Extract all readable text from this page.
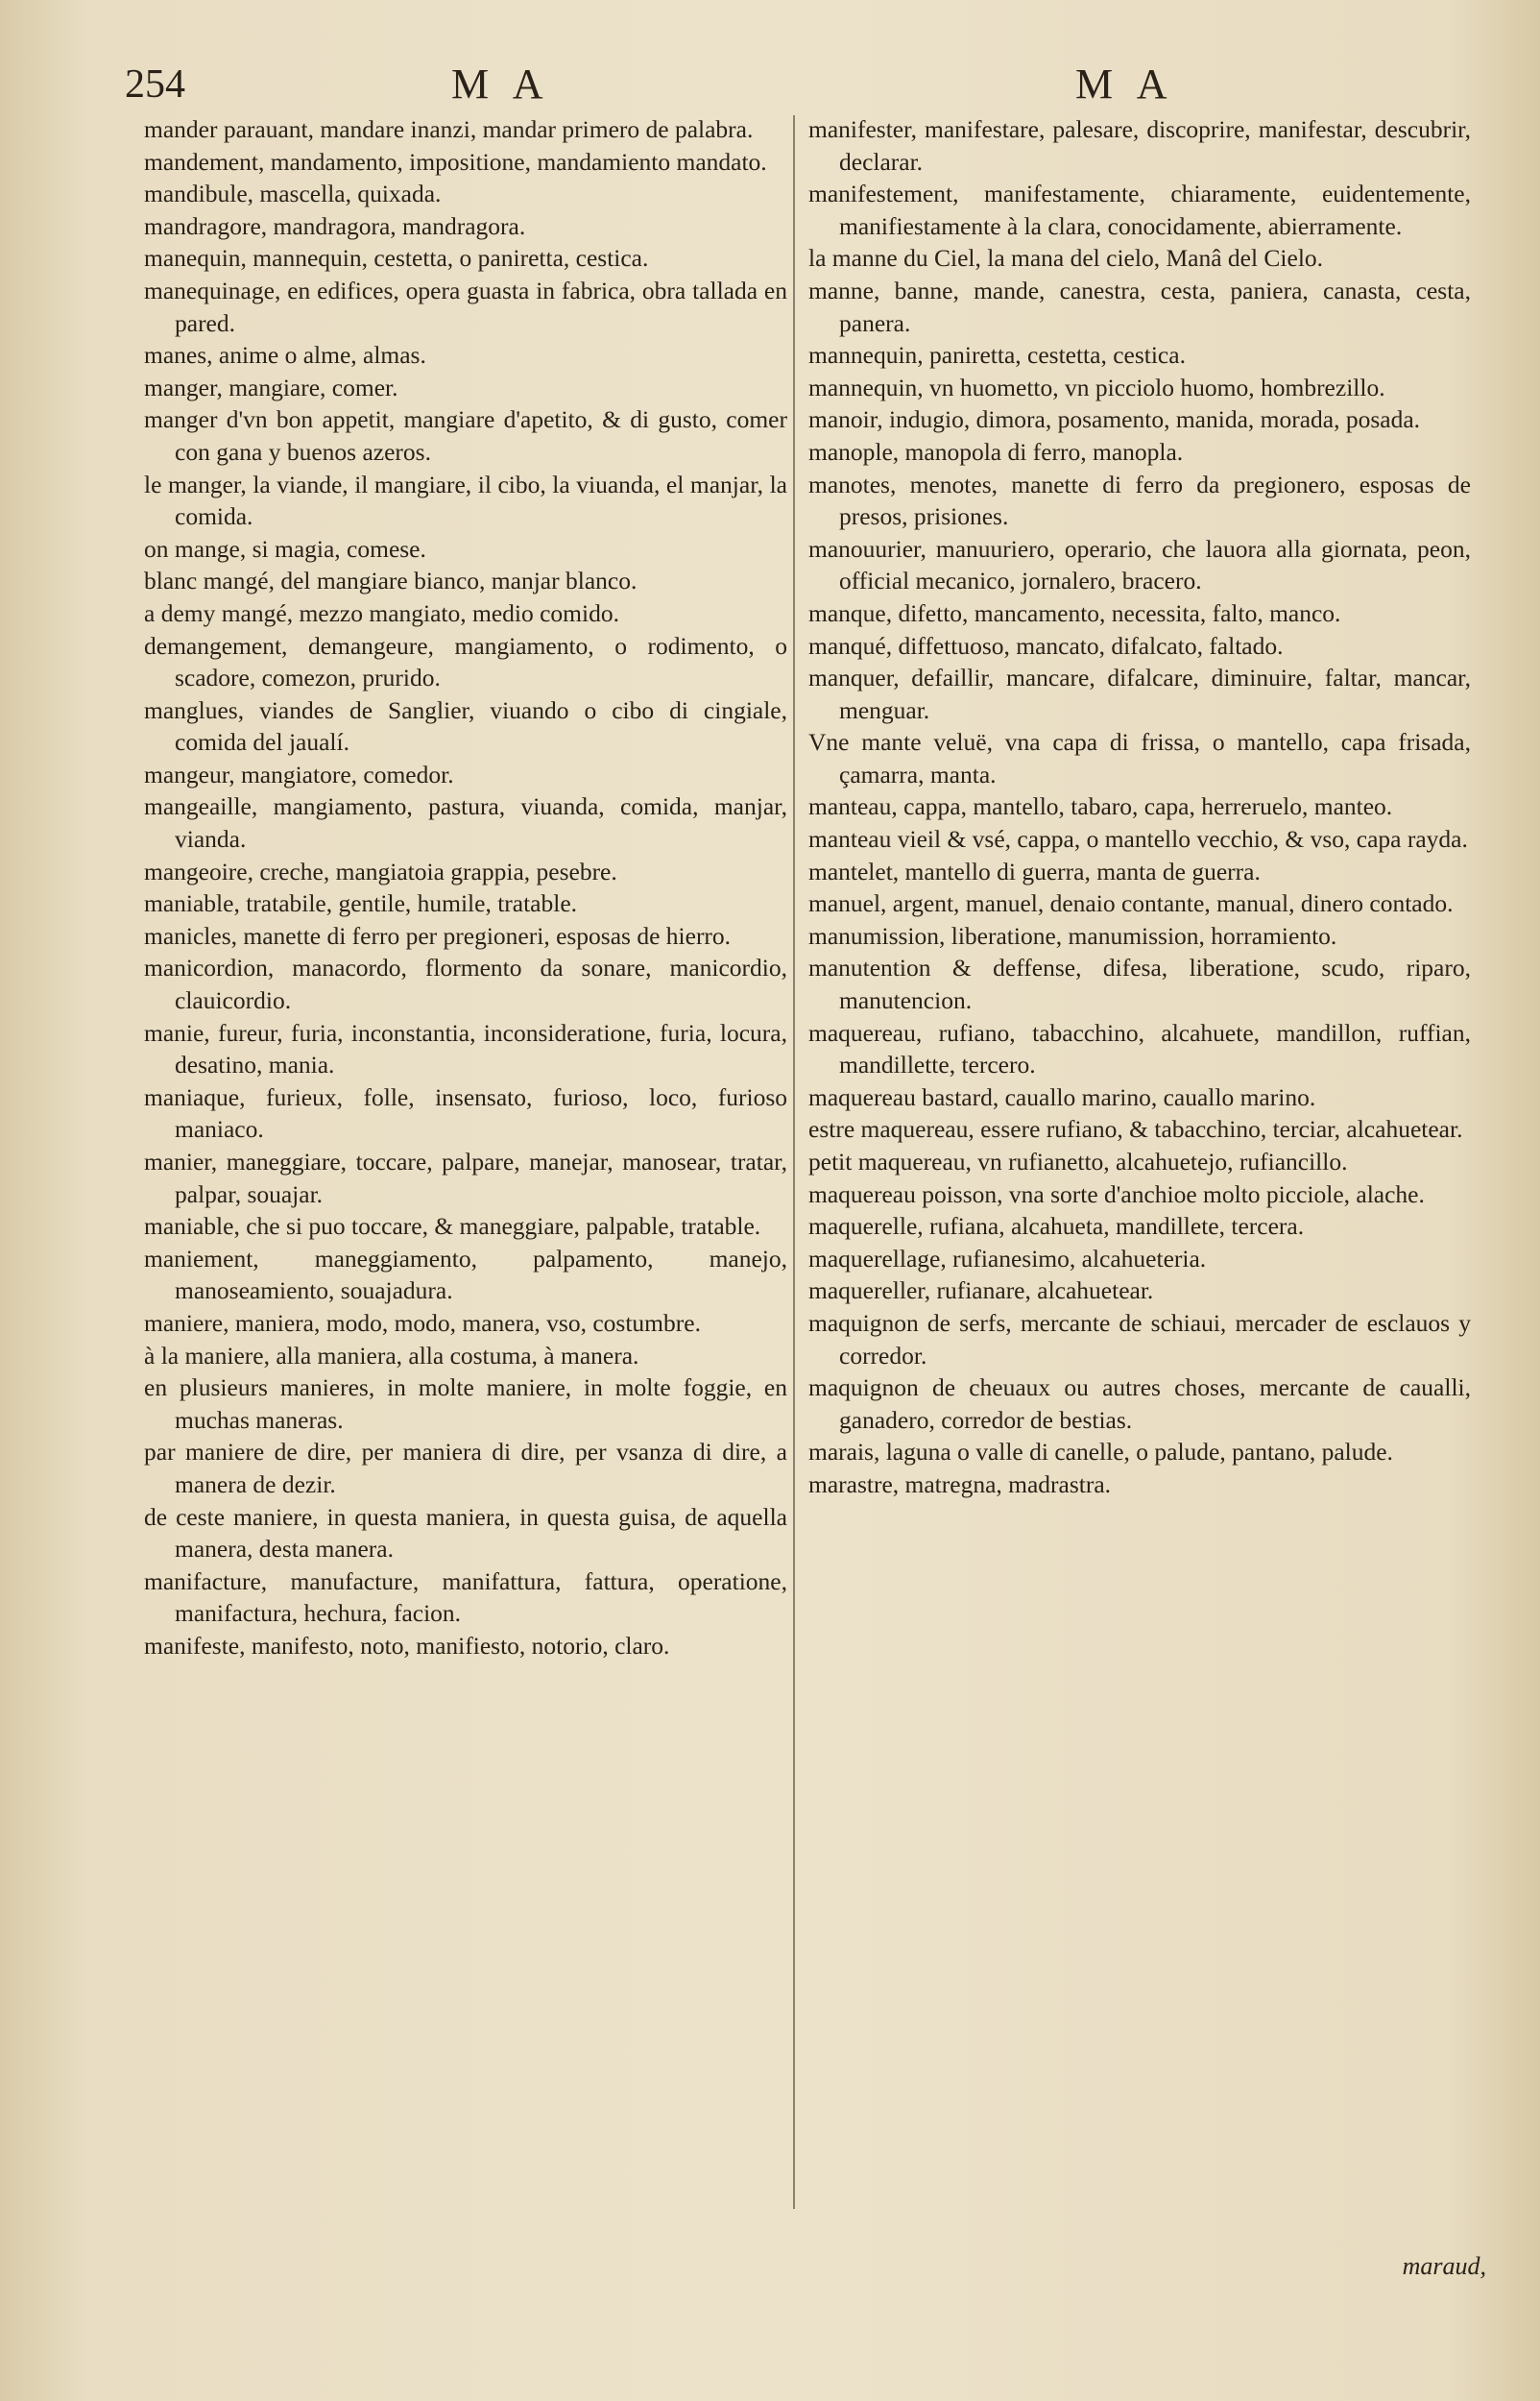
254	M A	M A

mander parauant, mandare inanzi, mandar primero de palabra.

mandement, mandamento, impositione, mandamiento mandato.

mandibule, mascella, quixada.

mandragore, mandragora, mandragora.

manequin, mannequin, cestetta, o paniretta, cestica.

manequinage, en edifices, opera guasta in fabrica, obra tallada en pared.

manes, anime o alme, almas.

manger, mangiare, comer.

manger d'vn bon appetit, mangiare d'apetito, & di gusto, comer con gana y buenos azeros.

le manger, la viande, il mangiare, il cibo, la viuanda, el manjar, la comida.

on mange, si magia, comese.

blanc mangé, del mangiare bianco, manjar blanco.

a demy mangé, mezzo mangiato, medio comido.

demangement, demangeure, mangiamento, o rodimento, o scadore, comezon, prurido.

manglues, viandes de Sanglier, viuando o cibo di cingiale, comida del jaualí.

mangeur, mangiatore, comedor.

mangeaille, mangiamento, pastura, viuanda, comida, manjar, vianda.

mangeoire, creche, mangiatoia grappia, pesebre.

maniable, tratabile, gentile, humile, tratable.

manicles, manette di ferro per pregioneri, esposas de hierro.

manicordion, manacordo, flormento da sonare, manicordio, clauicordio.

manie, fureur, furia, inconstantia, inconsideratione, furia, locura, desatino, mania.

maniaque, furieux, folle, insensato, furioso, loco, furioso maniaco.

manier, maneggiare, toccare, palpare, manejar, manosear, tratar, palpar, souajar.

maniable, che si puo toccare, & maneggiare, palpable, tratable.

maniement, maneggiamento, palpamento, manejo, manoseamiento, souajadura.

maniere, maniera, modo, modo, manera, vso, costumbre.

à la maniere, alla maniera, alla costuma, à manera.

en plusieurs manieres, in molte maniere, in molte foggie, en muchas maneras.

par maniere de dire, per maniera di dire, per vsanza di dire, a manera de dezir.

de ceste maniere, in questa maniera, in questa guisa, de aquella manera, desta manera.

manifacture, manufacture, manifattura, fattura, operatione, manifactura, hechura, facion.

manifeste, manifesto, noto, manifiesto, notorio, claro.

manifester, manifestare, palesare, discoprire, manifestar, descubrir, declarar.

manifestement, manifestamente, chiaramente, euidentemente, manifiestamente à la clara, conocidamente, abierramente.

la manne du Ciel, la mana del cielo, Manâ del Cielo.

manne, banne, mande, canestra, cesta, paniera, canasta, cesta, panera.

mannequin, paniretta, cestetta, cestica.

mannequin, vn huometto, vn picciolo huomo, hombrezillo.

manoir, indugio, dimora, posamento, manida, morada, posada.

manople, manopola di ferro, manopla.

manotes, menotes, manette di ferro da pregionero, esposas de presos, prisiones.

manouurier, manuuriero, operario, che lauora alla giornata, peon, official mecanico, jornalero, bracero.

manque, difetto, mancamento, necessita, falto, manco.

manqué, diffettuoso, mancato, difalcato, faltado.

manquer, defaillir, mancare, difalcare, diminuire, faltar, mancar, menguar.

Vne mante veluë, vna capa di frissa, o mantello, capa frisada, çamarra, manta.

manteau, cappa, mantello, tabaro, capa, herreruelo, manteo.

manteau vieil & vsé, cappa, o mantello vecchio, & vso, capa rayda.

mantelet, mantello di guerra, manta de guerra.

manuel, argent, manuel, denaio contante, manual, dinero contado.

manumission, liberatione, manumission, horramiento.

manutention & deffense, difesa, liberatione, scudo, riparo, manutencion.

maquereau, rufiano, tabacchino, alcahuete, mandillon, ruffian, mandillette, tercero.

maquereau bastard, cauallo marino, cauallo marino.

estre maquereau, essere rufiano, & tabacchino, terciar, alcahuetear.

petit maquereau, vn rufianetto, alcahuetejo, rufiancillo.

maquereau poisson, vna sorte d'anchioe molto picciole, alache.

maquerelle, rufiana, alcahueta, mandillete, tercera.

maquerellage, rufianesimo, alcahueteria.

maquereller, rufianare, alcahuetear.

maquignon de serfs, mercante de schiaui, mercader de esclauos y corredor.

maquignon de cheuaux ou autres choses, mercante de caualli, ganadero, corredor de bestias.

marais, laguna o valle di canelle, o palude, pantano, palude.

marastre, matregna, madrastra.

maraud,
